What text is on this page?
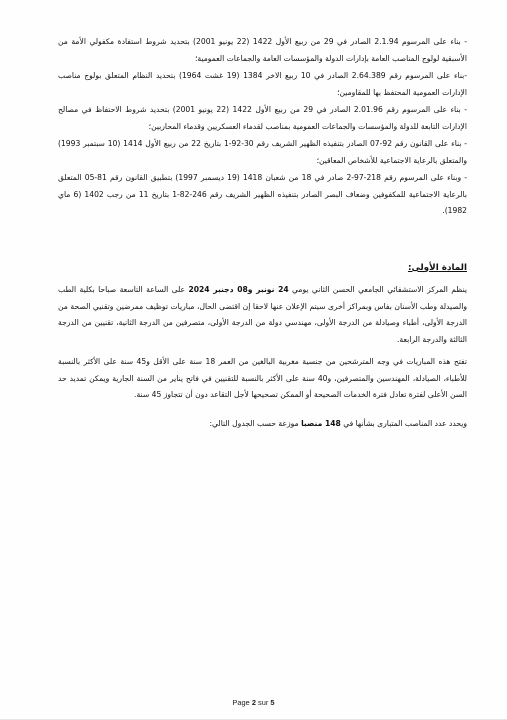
- بناء على المرسوم 2.1.94 الصادر في 29 من ربيع الأول 1422 (22 يونيو 2001) بتحديد شروط استفادة مكفولي الأمة من الأسبقية لولوج المناصب العامة بإدارات الدولة والمؤسسات العامة والجماعات العمومية؛

-بناء على المرسوم رقم 2.64.389 الصادر في 10 ربيع الاخر 1384 (19 غشت 1964) بتحديد النظام المتعلق بولوج مناصب الإدارات العمومية المحتفظ بها للمقاومين؛

- بناء على المرسوم رقم 2.01.96 الصادر في 29 من ربيع الأول 1422 (22 يونيو 2001) بتحديد شروط الاحتفاظ في مصالح الإدارات التابعة للدولة والمؤسسات والجماعات العمومية بمناصب لقدماء العسكريين وقدماء المحاربين؛

- بناء على القانون رقم 92-07 الصادر بتنفيذه الظهير الشريف رقم 30-92-1 بتاريخ 22 من ربيع الأول 1414 (10 سبتمبر 1993) والمتعلق بالرعاية الاجتماعية للأشخاص المعاقين؛

- وبناء على المرسوم رقم 218-97-2 صادر في 18 من شعبان 1418 (19 دیسمبر 1997) بتطبيق القانون رقم 81-05 المتعلق بالرعاية الاجتماعية للمكفوفين وضعاف البصر الصادر بتنفيذه الظهير الشريف رقم 246-82-1 بتاريخ 11 من رجب 1402 (6 ماي 1982).

المادة الأولى:

ينظم المركز الاستشفائي الجامعي الحسن الثاني يومي 24 نونبر و08 دجنبر 2024 على الساعة التاسعة صباحا بكلية الطب والصيدلة وطب الأسنان بفاس وبمراكز أخرى سيتم الإعلان عنها لاحقا إن اقتضى الحال، مباريات توظيف ممرضين وتقنيي الصحة من الدرجة الأولى، أطباء وصيادلة من الدرجة الأولى، مهندسي دولة من الدرجة الأولى، متصرفين من الدرجة الثانية، تقنيين من الدرجة الثالثة والدرجة الرابعة.

تفتح هذه المباريات في وجه المترشحين من جنسية مغربية البالغين من العمر 18 سنة على الأقل و45 سنة على الأكثر بالنسبة للأطباء، الصيادلة، المهندسين والمتصرفين، و40 سنة على الأكثر بالنسبة للتقنيين في فاتح يناير من السنة الجارية ويمكن تمديد حد السن الأعلى لفترة تعادل فترة الخدمات الصحيحة أو الممكن تصحيحها لأجل التقاعد دون أن تتجاوز 45 سنة.

ويحدد عدد المناصب المتبارى بشأنها في 148 منصبا موزعة حسب الجدول التالي:

Page 2 sur 5
